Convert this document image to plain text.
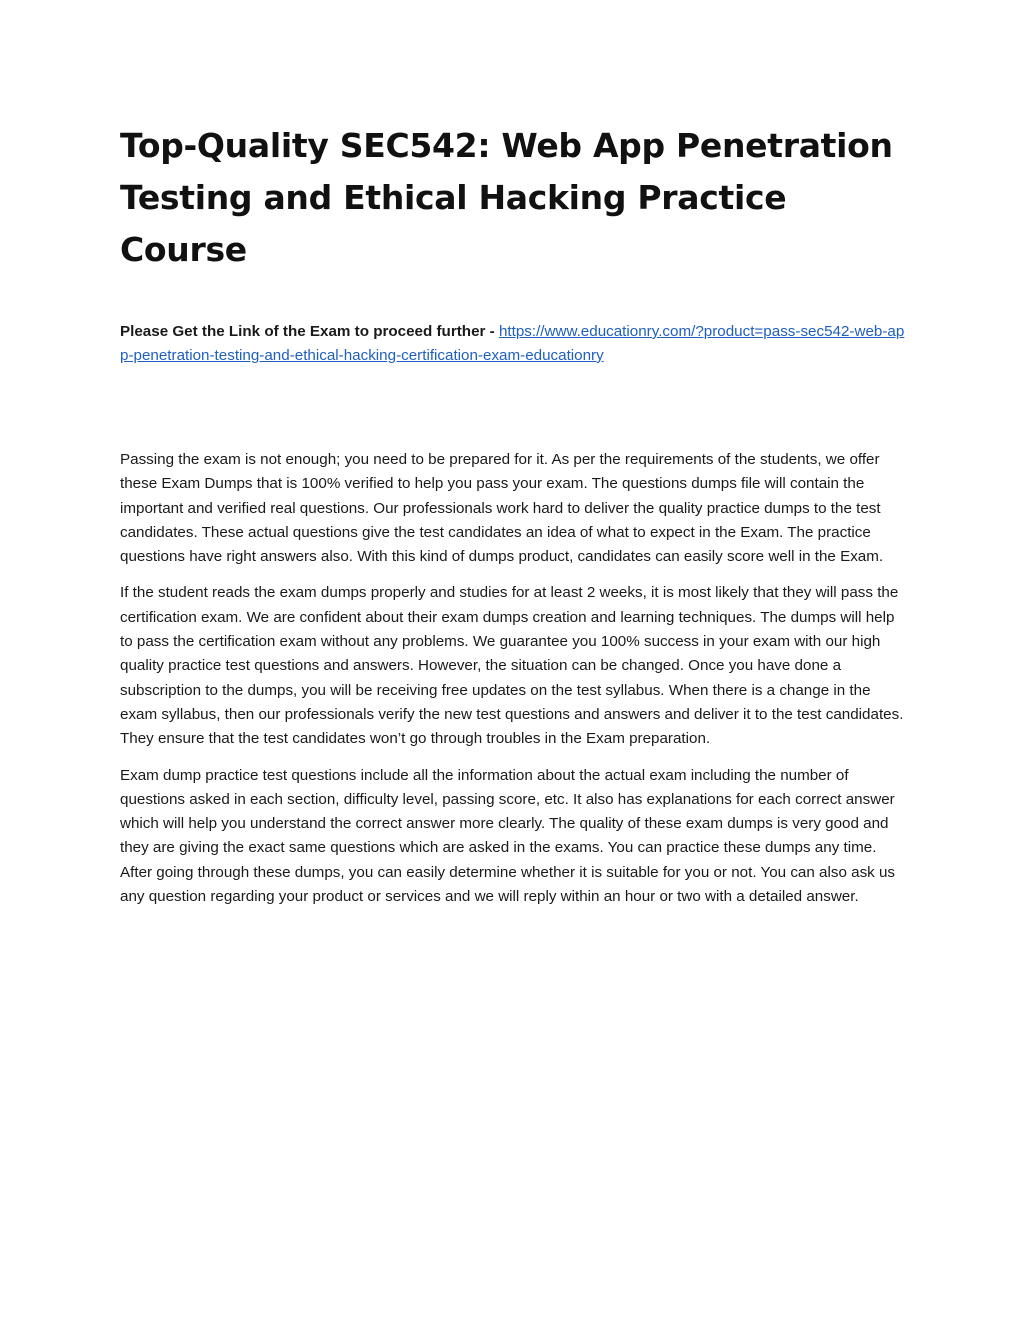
Top-Quality SEC542: Web App Penetration Testing and Ethical Hacking Practice Course

Please Get the Link of the Exam to proceed further - https://www.educationry.com/?product=pass-sec542-web-app-penetration-testing-and-ethical-hacking-certification-exam-educationry

Passing the exam is not enough; you need to be prepared for it. As per the requirements of the students, we offer these Exam Dumps that is 100% verified to help you pass your exam. The questions dumps file will contain the important and verified real questions. Our professionals work hard to deliver the quality practice dumps to the test candidates. These actual questions give the test candidates an idea of what to expect in the Exam. The practice questions have right answers also. With this kind of dumps product, candidates can easily score well in the Exam.

If the student reads the exam dumps properly and studies for at least 2 weeks, it is most likely that they will pass the certification exam. We are confident about their exam dumps creation and learning techniques. The dumps will help to pass the certification exam without any problems. We guarantee you 100% success in your exam with our high quality practice test questions and answers. However, the situation can be changed. Once you have done a subscription to the dumps, you will be receiving free updates on the test syllabus. When there is a change in the exam syllabus, then our professionals verify the new test questions and answers and deliver it to the test candidates. They ensure that the test candidates won’t go through troubles in the Exam preparation.

Exam dump practice test questions include all the information about the actual exam including the number of questions asked in each section, difficulty level, passing score, etc. It also has explanations for each correct answer which will help you understand the correct answer more clearly. The quality of these exam dumps is very good and they are giving the exact same questions which are asked in the exams. You can practice these dumps any time. After going through these dumps, you can easily determine whether it is suitable for you or not. You can also ask us any question regarding your product or services and we will reply within an hour or two with a detailed answer.
